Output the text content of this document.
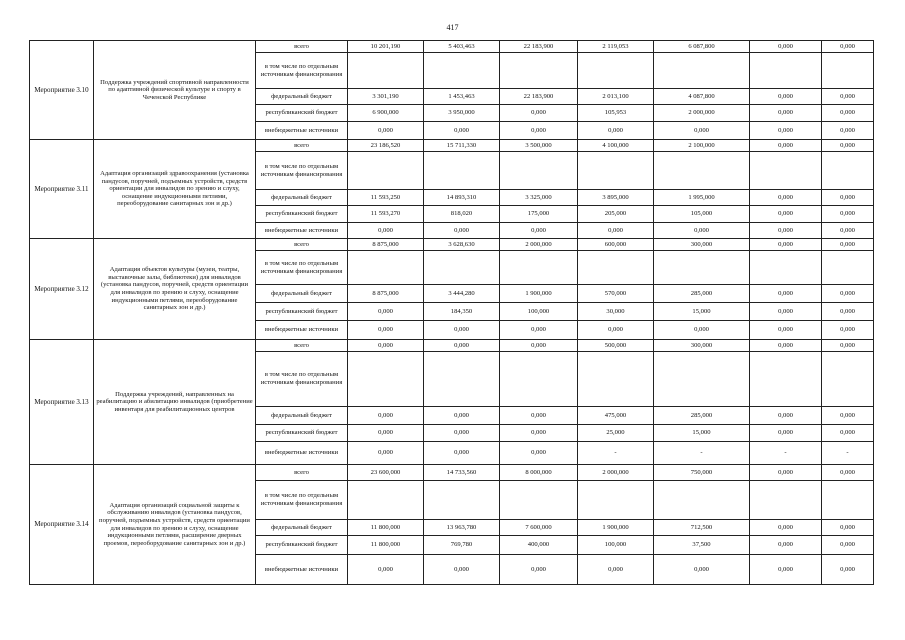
417
Мероприятие 3.10	Поддержка учреждений спортивной направленности по адаптивной физической культуре и спорту в Чеченской Республике	всего	10 201,190	5 403,463	22 183,900	2 119,053	6 087,800	0,000	0,000
		в том числе по отдельным источникам финансирования							
		федеральный бюджет	3 301,190	1 453,463	22 183,900	2 013,100	4 087,800	0,000	0,000
		республиканский бюджет	6 900,000	3 950,000	0,000	105,953	2 000,000	0,000	0,000
		внебюджетные источники	0,000	0,000	0,000	0,000	0,000	0,000	0,000
Мероприятие 3.11	Адаптация организаций здравоохранения (установка пандусов, поручней, подъемных устройств, средств ориентации для инвалидов по зрению и слуху, оснащение индукционными петлями, переоборудование санитарных зон и др.)	всего	23 186,520	15 711,330	3 500,000	4 100,000	2 100,000	0,000	0,000
		в том числе по отдельным источникам финансирования							
		федеральный бюджет	11 593,250	14 893,310	3 325,000	3 895,000	1 995,000	0,000	0,000
		республиканский бюджет	11 593,270	818,020	175,000	205,000	105,000	0,000	0,000
		внебюджетные источники	0,000	0,000	0,000	0,000	0,000	0,000	0,000
Мероприятие 3.12	Адаптация объектов культуры (музеи, театры, выставочные залы, библиотеки) для инвалидов (установка пандусов, поручней, средств ориентации для инвалидов по зрению и слуху, оснащение индукционными петлями, переоборудование санитарных зон и др.)	всего	8 875,000	3 628,630	2 000,000	600,000	300,000	0,000	0,000
		в том числе по отдельным источникам финансирования							
		федеральный бюджет	8 875,000	3 444,280	1 900,000	570,000	285,000	0,000	0,000
		республиканский бюджет	0,000	184,350	100,000	30,000	15,000	0,000	0,000
		внебюджетные источники	0,000	0,000	0,000	0,000	0,000	0,000	0,000
Мероприятие 3.13	Поддержка учреждений, направленных на реабилитацию и абилитацию инвалидов (приобретение инвентаря для реабилитационных центров	всего	0,000	0,000	0,000	500,000	300,000	0,000	0,000
		в том числе по отдельным источникам финансирования							
		федеральный бюджет	0,000	0,000	0,000	475,000	285,000	0,000	0,000
		республиканский бюджет	0,000	0,000	0,000	25,000	15,000	0,000	0,000
		внебюджетные источники	0,000	0,000	0,000	-	-	-	-
Мероприятие 3.14	Адаптация организаций социальной защиты к обслуживанию инвалидов (установка пандусов, поручней, подъемных устройств, средств ориентации для инвалидов по зрению и слуху, оснащение индукционными петлями, расширение дверных проемов, переоборудование санитарных зон и др.)	всего	23 600,000	14 733,560	8 000,000	2 000,000	750,000	0,000	0,000
		в том числе по отдельным источникам финансирования							
		федеральный бюджет	11 800,000	13 963,780	7 600,000	1 900,000	712,500	0,000	0,000
		республиканский бюджет	11 800,000	769,780	400,000	100,000	37,500	0,000	0,000
		внебюджетные источники	0,000	0,000	0,000	0,000	0,000	0,000	0,000
